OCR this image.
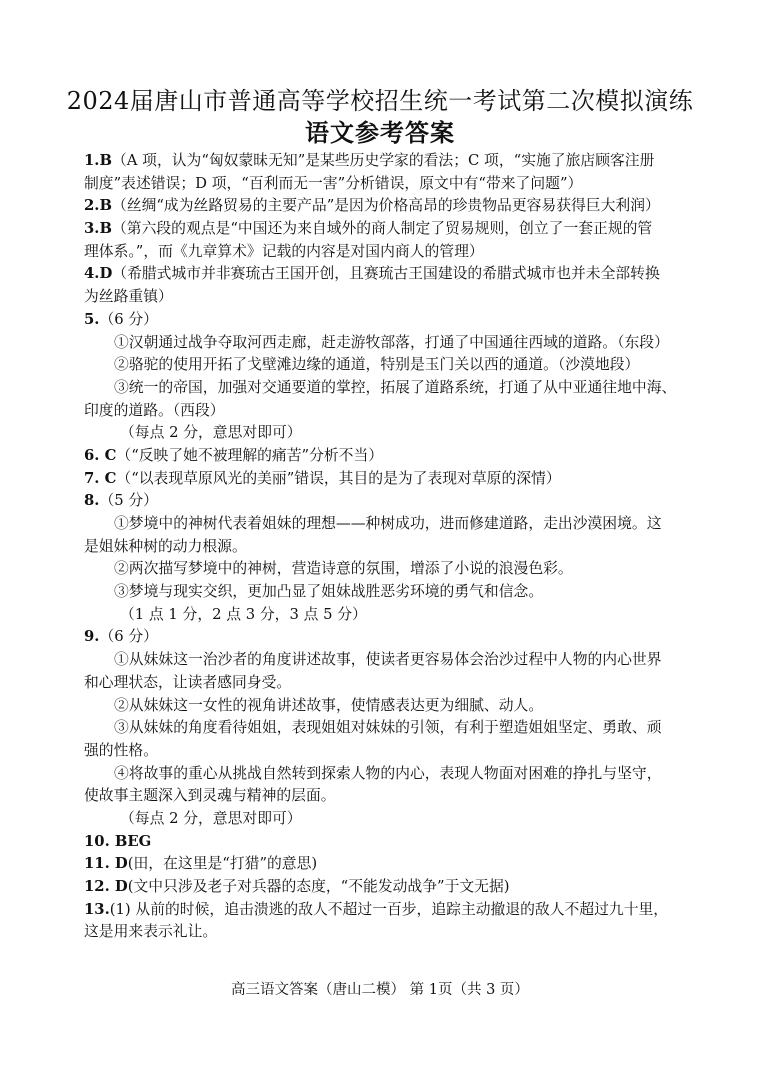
2024届唐山市普通高等学校招生统一考试第二次模拟演练
语文参考答案
1.B（A 项，认为“匈奴蒙昧无知”是某些历史学家的看法；C 项，“实施了旅店顾客注册
制度”表述错误；D 项，“百利而无一害”分析错误，原文中有“带来了问题”）
2.B（丝绸“成为丝路贸易的主要产品”是因为价格高昂的珍贵物品更容易获得巨大利润）
3.B（第六段的观点是“中国还为来自域外的商人制定了贸易规则，创立了一套正规的管
理体系。”，而《九章算术》记载的内容是对国内商人的管理）
4.D（希腊式城市并非赛琉古王国开创，且赛琉古王国建设的希腊式城市也并未全部转换
为丝路重镇）
5.（6 分）
①汉朝通过战争夺取河西走廊，赶走游牧部落，打通了中国通往西域的道路。（东段）
②骆驼的使用开拓了戈壁滩边缘的通道，特别是玉门关以西的通道。（沙漠地段）
③统一的帝国，加强对交通要道的掌控，拓展了道路系统，打通了从中亚通往地中海、
印度的道路。（西段）
（每点 2 分，意思对即可）
6. C（“反映了她不被理解的痛苦”分析不当）
7. C（“以表现草原风光的美丽”错误，其目的是为了表现对草原的深情）
8.（5 分）
①梦境中的神树代表着姐妹的理想——种树成功，进而修建道路，走出沙漠困境。这
是姐妹种树的动力根源。
②两次描写梦境中的神树，营造诗意的氛围，增添了小说的浪漫色彩。
③梦境与现实交织，更加凸显了姐妹战胜恶劣环境的勇气和信念。
（1 点 1 分，2 点 3 分，3 点 5 分）
9.（6 分）
①从妹妹这一治沙者的角度讲述故事，使读者更容易体会治沙过程中人物的内心世界
和心理状态，让读者感同身受。
②从妹妹这一女性的视角讲述故事，使情感表达更为细腻、动人。
③从妹妹的角度看待姐姐，表现姐姐对妹妹的引领，有利于塑造姐姐坚定、勇敢、顽
强的性格。
④将故事的重心从挑战自然转到探索人物的内心，表现人物面对困难的挣扎与坚守，
使故事主题深入到灵魂与精神的层面。
（每点 2 分，意思对即可）
10. BEG
11. D(田，在这里是“打猎”的意思)
12. D(文中只涉及老子对兵器的态度，“不能发动战争”于文无据)
13.(1) 从前的时候，追击溃逃的敌人不超过一百步，追踪主动撤退的敌人不超过九十里，
这是用来表示礼让。
高三语文答案（唐山二模） 第 1页（共 3 页）
